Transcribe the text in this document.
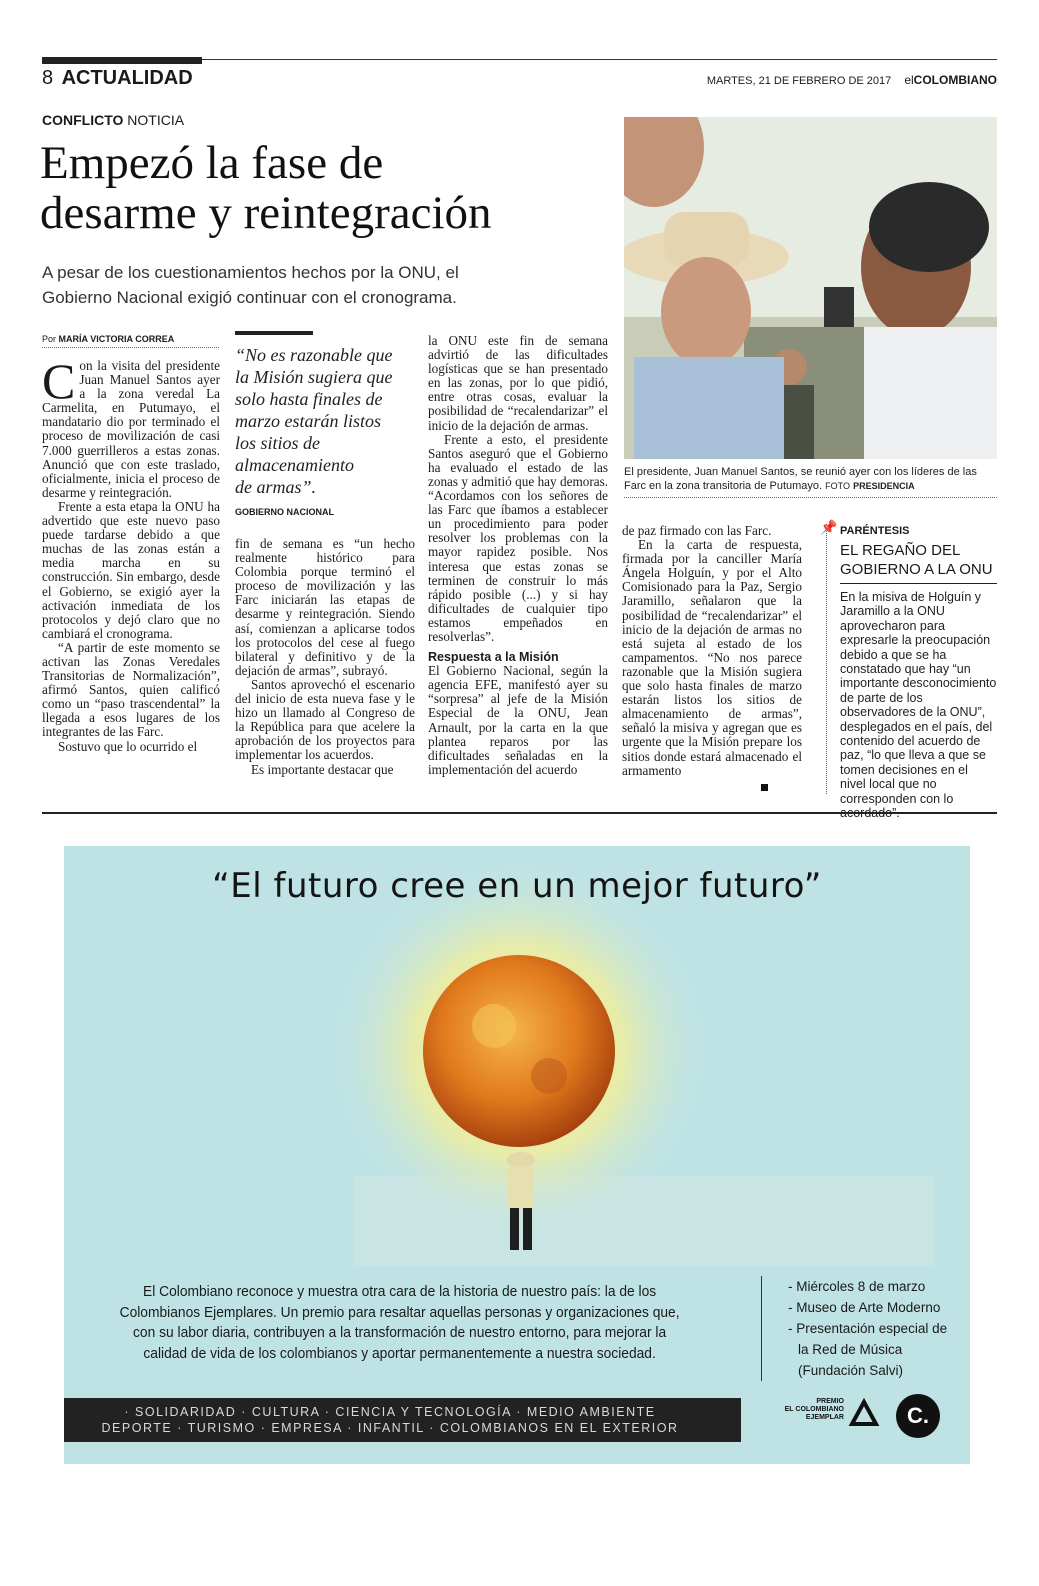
8 ACTUALIDAD	MARTES, 21 DE FEBRERO DE 2017 elCOLOMBIANO
CONFLICTO NOTICIA
Empezó la fase de
desarme y reintegración
A pesar de los cuestionamientos hechos por la ONU, el
Gobierno Nacional exigió continuar con el cronograma.
Por MARÍA VICTORIA CORREA
C on la visita del presidente Juan Manuel Santos ayer a la zona veredal La Carmelita, en Putumayo, el mandatario dio por terminado el proceso de movilización de casi 7.000 guerrilleros a estas zonas. Anunció que con este traslado, oficialmente, inicia el proceso de desarme y reintegración.

Frente a esta etapa la ONU ha advertido que este nuevo paso puede tardarse debido a que muchas de las zonas están a media marcha en su construcción. Sin embargo, desde el Gobierno, se exigió ayer la activación inmediata de los protocolos y dejó claro que no cambiará el cronograma.

“A partir de este momento se activan las Zonas Veredales Transitorias de Normalización”, afirmó Santos, quien calificó como un “paso trascendental” la llegada a esos lugares de los integrantes de las Farc.

Sostuvo que lo ocurrido el

“No es razonable que
la Misión sugiera que
solo hasta finales de
marzo estarán listos
los sitios de
almacenamiento
de armas”.
GOBIERNO NACIONAL

fin de semana es “un hecho realmente histórico para Colombia porque terminó el proceso de movilización y las Farc iniciarán las etapas de desarme y reintegración. Siendo así, comienzan a aplicarse todos los protocolos del cese al fuego bilateral y definitivo y de la dejación de armas”, subrayó.

Santos aprovechó el escenario del inicio de esta nueva fase y le hizo un llamado al Congreso de la República para que acelere la aprobación de los proyectos para implementar los acuerdos.

Es importante destacar que

la ONU este fin de semana advirtió de las dificultades logísticas que se han presentado en las zonas, por lo que pidió, entre otras cosas, evaluar la posibilidad de “recalendarizar” el inicio de la dejación de armas.

Frente a esto, el presidente Santos aseguró que el Gobierno ha evaluado el estado de las zonas y admitió que hay demoras. “Acordamos con los señores de las Farc que íbamos a establecer un procedimiento para poder resolver los problemas con la mayor rapidez posible. Nos interesa que estas zonas se terminen de construir lo más rápido posible (...) y si hay dificultades de cualquier tipo estamos empeñados en resolverlas”.

Respuesta a la Misión

El Gobierno Nacional, según la agencia EFE, manifestó ayer su “sorpresa” al jefe de la Misión Especial de la ONU, Jean Arnault, por la carta en la que plantea reparos por las dificultades señaladas en la implementación del acuerdo

El presidente, Juan Manuel Santos, se reunió ayer con los líderes de las Farc en la zona transitoria de Putumayo. FOTO PRESIDENCIA

de paz firmado con las Farc.

En la carta de respuesta, firmada por la canciller María Ángela Holguín, y por el Alto Comisionado para la Paz, Sergio Jaramillo, señalaron que la posibilidad de “recalendarizar” el inicio de la dejación de armas no está sujeta al estado de los campamentos. “No nos parece razonable que la Misión sugiera que solo hasta finales de marzo estarán listos los sitios de almacenamiento de armas”, señaló la misiva y agregan que es urgente que la Misión prepare los sitios donde estará almacenado el armamento

📌 PARÉNTESIS
EL REGAÑO DEL
GOBIERNO A LA ONU
En la misiva de Holguín y Jaramillo a la ONU aprovecharon para expresarle la preocupación debido a que se ha constatado que hay “un importante desconocimiento de parte de los observadores de la ONU”, desplegados en el país, del contenido del acuerdo de paz, “lo que lleva a que se tomen decisiones en el nivel local que no corresponden con lo
“El futuro cree en un mejor futuro”
El Colombiano reconoce y muestra otra cara de la historia de nuestro país: la de los
Colombianos Ejemplares. Un premio para resaltar aquellas personas y organizaciones que,
con su labor diaria, contribuyen a la transformación de nuestro entorno, para mejorar la
calidad de vida de los colombianos y aportar permanentemente a nuestra sociedad.
- Miércoles 8 de marzo
- Museo de Arte Moderno
- Presentación especial de
la Red de Música
(Fundación Salvi)
· SOLIDARIDAD · CULTURA · CIENCIA Y TECNOLOGÍA · MEDIO AMBIENTE
DEPORTE · TURISMO · EMPRESA · INFANTIL · COLOMBIANOS EN EL EXTERIOR
PREMIO
EL COLOMBIANO
EJEMPLAR	C.
